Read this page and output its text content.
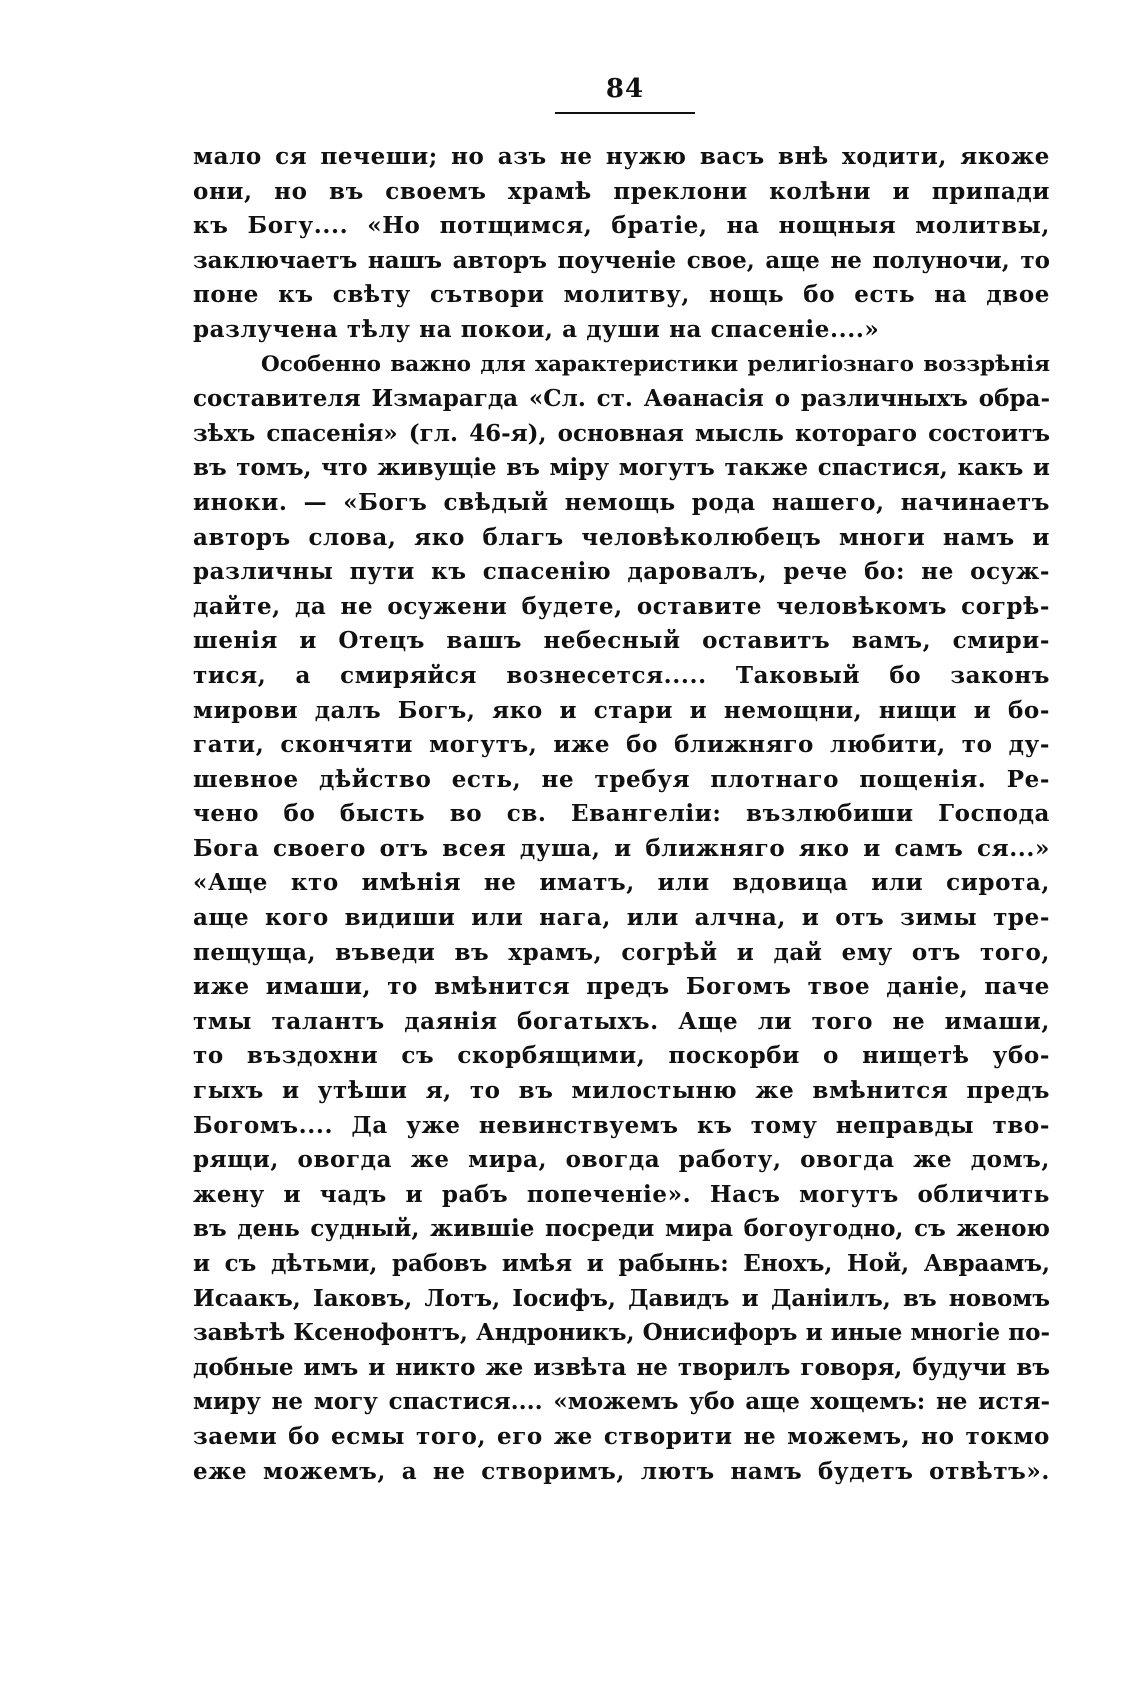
84
мало ся печеши; но азъ не нужю васъ внѣ ходити, якоже
они, но въ своемъ храмѣ преклони колѣни и припади
къ Богу.... «Но потщимся, братіе, на нощныя молитвы,
заключаетъ нашъ авторъ поученіе свое, аще не полуночи, то
поне къ свѣту сътвори молитву, нощь бо есть на двое
разлучена тѣлу на покои, а души на спасеніе....»
Особенно важно для характеристики религіознаго воззрѣнія
составителя Измарагда «Сл. ст. Аѳанасія о различныхъ обра-
зѣхъ спасенія» (гл. 46-я), основная мысль котораго состоитъ
въ томъ, что живущіе въ міру могутъ также спастися, какъ и
иноки. — «Богъ свѣдый немощь рода нашего, начинаетъ
авторъ слова, яко благъ человѣколюбецъ многи намъ и
различны пути къ спасенію даровалъ, рече бо: не осуж-
дайте, да не осужени будете, оставите человѣкомъ согрѣ-
шенія и Отецъ вашъ небесный оставитъ вамъ, смири-
тися, а смиряйся вознесется..... Таковый бо законъ
мирови далъ Богъ, яко и стари и немощни, нищи и бо-
гати, скончяти могутъ, иже бо ближняго любити, то ду-
шевное дѣйство есть, не требуя плотнаго пощенія. Ре-
чено бо бысть во св. Евангеліи: възлюбиши Господа
Бога своего отъ всея душа, и ближняго яко и самъ ся...»
«Аще кто имѣнія не иматъ, или вдовица или сирота,
аще кого видиши или нага, или алчна, и отъ зимы тре-
пещуща, въведи въ храмъ, согрѣй и дай ему отъ того,
иже имаши, то вмѣнится предъ Богомъ твое даніе, паче
тмы талантъ даянія богатыхъ. Аще ли того не имаши,
то въздохни съ скорбящими, поскорби о нищетѣ убо-
гыхъ и утѣши я, то въ милостыню же вмѣнится предъ
Богомъ.... Да уже невинствуемъ къ тому неправды тво-
рящи, овогда же мира, овогда работу, овогда же домъ,
жену и чадъ и рабъ попеченіе». Насъ могутъ обличить
въ день судный, жившіе посреди мира богоугодно, съ женою
и съ дѣтьми, рабовъ имѣя и рабынь: Енохъ, Ной, Авраамъ,
Исаакъ, Іаковъ, Лотъ, Іосифъ, Давидъ и Даніилъ, въ новомъ
завѣтѣ Ксенофонтъ, Андроникъ, Онисифоръ и иные многіе по-
добные имъ и никто же извѣта не творилъ говоря, будучи въ
миру не могу спастися.... «можемъ убо аще хощемъ: не истя-
заеми бо есмы того, его же створити не можемъ, но токмо
еже можемъ, а не створимъ, лютъ намъ будетъ отвѣтъ».
